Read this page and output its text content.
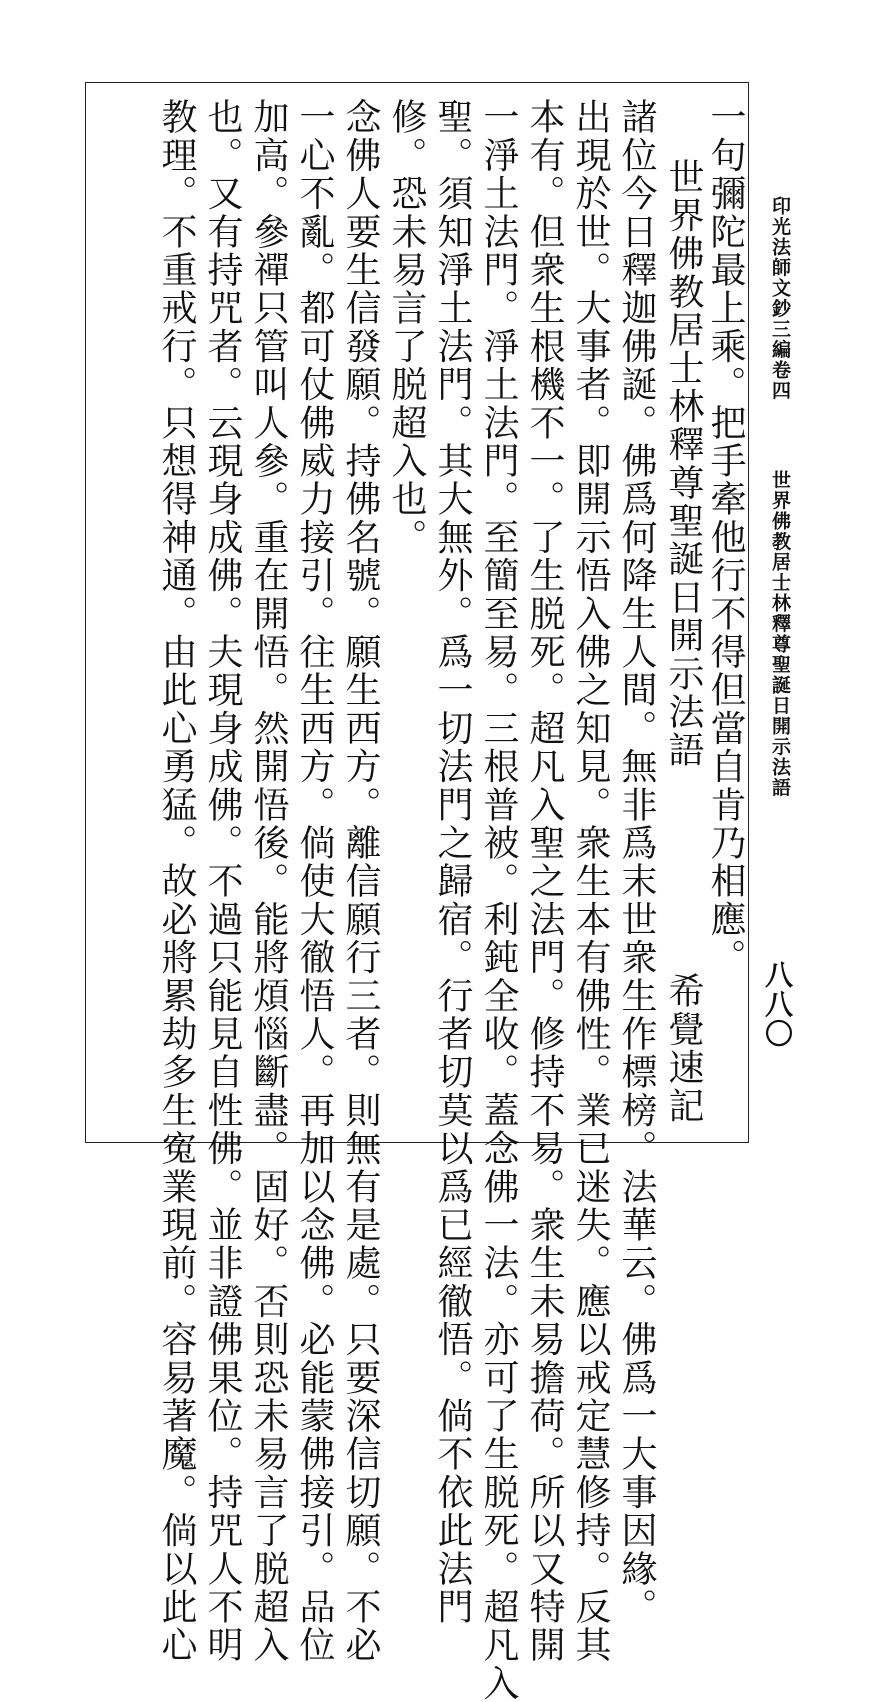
印光法師文鈔三編卷四
世界佛教居士林釋尊聖誕日開示法語
八八〇
一句彌陀最上乘。把手牽他行不得但當自肯乃相應。
世界佛教居士林釋尊聖誕日開示法語
希覺速記
諸位今日釋迦佛誕。佛爲何降生人間。無非爲末世衆生作標榜。法華云。佛爲一大事因緣。
出現於世。大事者。即開示悟入佛之知見。衆生本有佛性。業已迷失。應以戒定慧修持。反其
本有。但衆生根機不一。了生脱死。超凡入聖之法門。修持不易。衆生未易擔荷。所以又特開
一淨土法門。淨土法門。至簡至易。三根普被。利鈍全收。蓋念佛一法。亦可了生脱死。超凡入
聖。須知淨土法門。其大無外。爲一切法門之歸宿。行者切莫以爲已經徹悟。倘不依此法門
修。恐未易言了脱超入也。
念佛人要生信發願。持佛名號。願生西方。離信願行三者。則無有是處。只要深信切願。不必
一心不亂。都可仗佛威力接引。往生西方。倘使大徹悟人。再加以念佛。必能蒙佛接引。品位
加高。參禪只管叫人參。重在開悟。然開悟後。能將煩惱斷盡。固好。否則恐未易言了脱超入
也。又有持咒者。云現身成佛。夫現身成佛。不過只能見自性佛。並非證佛果位。持咒人不明
教理。不重戒行。只想得神通。由此心勇猛。故必將累劫多生寃業現前。容易著魔。倘以此心
